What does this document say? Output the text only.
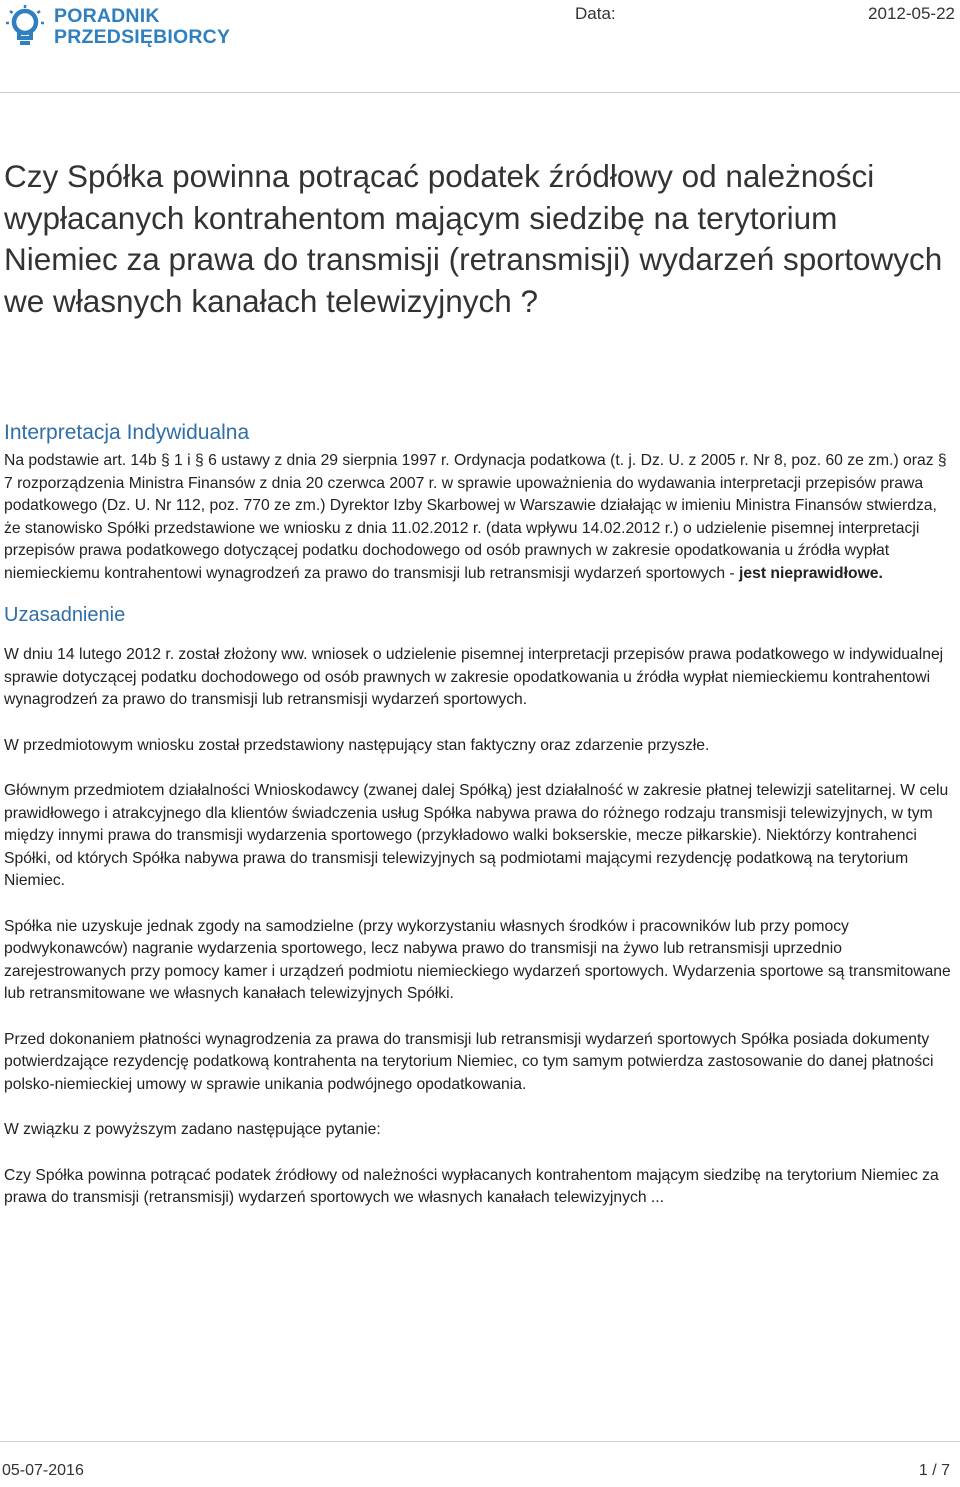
PORADNIK
PRZEDSIĘBIORCY
Data:	2012-05-22
Czy Spółka powinna potrącać podatek źródłowy od należności wypłacanych kontrahentom mającym siedzibę na terytorium Niemiec za prawa do transmisji (retransmisji) wydarzeń sportowych we własnych kanałach telewizyjnych ?
Interpretacja Indywidualna

Na podstawie art. 14b § 1 i § 6 ustawy z dnia 29 sierpnia 1997 r. Ordynacja podatkowa (t. j. Dz. U. z 2005 r. Nr 8, poz. 60 ze zm.) oraz § 7 rozporządzenia Ministra Finansów z dnia 20 czerwca 2007 r. w sprawie upoważnienia do wydawania interpretacji przepisów prawa podatkowego (Dz. U. Nr 112, poz. 770 ze zm.) Dyrektor Izby Skarbowej w Warszawie działając w imieniu Ministra Finansów stwierdza, że stanowisko Spółki przedstawione we wniosku z dnia 11.02.2012 r. (data wpływu 14.02.2012 r.) o udzielenie pisemnej interpretacji przepisów prawa podatkowego dotyczącej podatku dochodowego od osób prawnych w zakresie opodatkowania u źródła wypłat niemieckiemu kontrahentowi wynagrodzeń za prawo do transmisji lub retransmisji wydarzeń sportowych - jest nieprawidłowe.

Uzasadnienie

W dniu 14 lutego 2012 r. został złożony ww. wniosek o udzielenie pisemnej interpretacji przepisów prawa podatkowego w indywidualnej sprawie dotyczącej podatku dochodowego od osób prawnych w zakresie opodatkowania u źródła wypłat niemieckiemu kontrahentowi wynagrodzeń za prawo do transmisji lub retransmisji wydarzeń sportowych.

W przedmiotowym wniosku został przedstawiony następujący stan faktyczny oraz zdarzenie przyszłe.

Głównym przedmiotem działalności Wnioskodawcy (zwanej dalej Spółką) jest działalność w zakresie płatnej telewizji satelitarnej. W celu prawidłowego i atrakcyjnego dla klientów świadczenia usług Spółka nabywa prawa do różnego rodzaju transmisji telewizyjnych, w tym między innymi prawa do transmisji wydarzenia sportowego (przykładowo walki bokserskie, mecze piłkarskie). Niektórzy kontrahenci Spółki, od których Spółka nabywa prawa do transmisji telewizyjnych są podmiotami mającymi rezydencję podatkową na terytorium Niemiec.

Spółka nie uzyskuje jednak zgody na samodzielne (przy wykorzystaniu własnych środków i pracowników lub przy pomocy podwykonawców) nagranie wydarzenia sportowego, lecz nabywa prawo do transmisji na żywo lub retransmisji uprzednio zarejestrowanych przy pomocy kamer i urządzeń podmiotu niemieckiego wydarzeń sportowych. Wydarzenia sportowe są transmitowane lub retransmitowane we własnych kanałach telewizyjnych Spółki.

Przed dokonaniem płatności wynagrodzenia za prawa do transmisji lub retransmisji wydarzeń sportowych Spółka posiada dokumenty potwierdzające rezydencję podatkową kontrahenta na terytorium Niemiec, co tym samym potwierdza zastosowanie do danej płatności polsko-niemieckiej umowy w sprawie unikania podwójnego opodatkowania.

W związku z powyższym zadano następujące pytanie:

Czy Spółka powinna potrącać podatek źródłowy od należności wypłacanych kontrahentom mającym siedzibę na terytorium Niemiec za prawa do transmisji (retransmisji) wydarzeń sportowych we własnych kanałach telewizyjnych ...

05-07-2016	1 / 7
